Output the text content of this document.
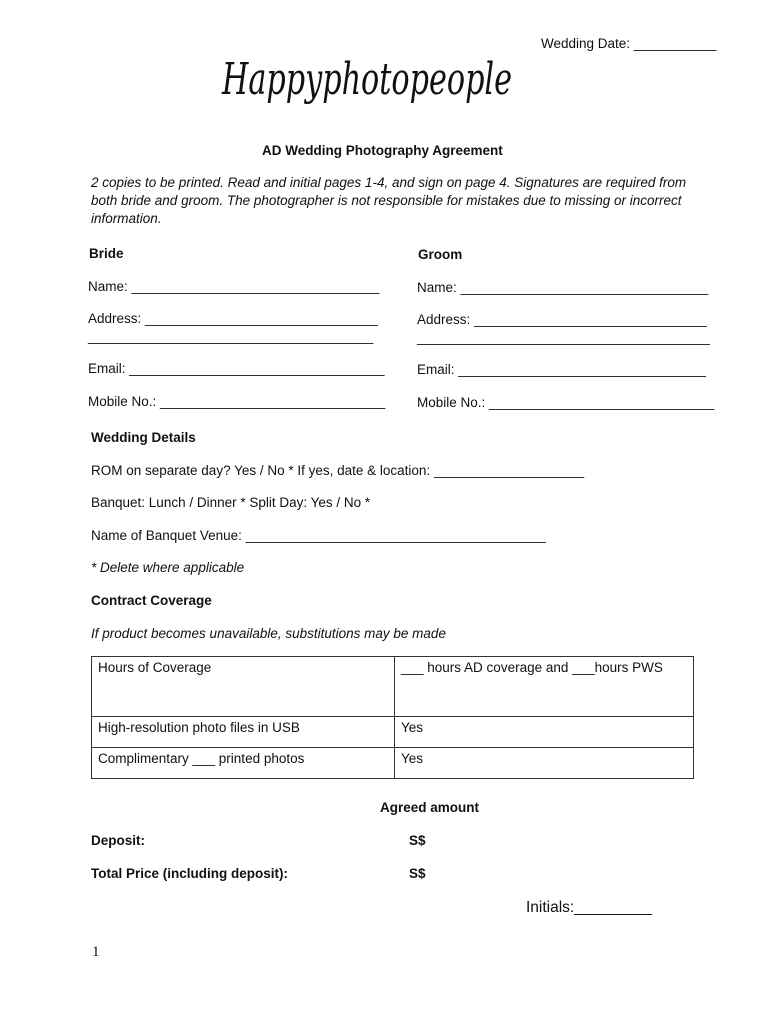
Wedding Date: ___________
Happyphotopeople
AD Wedding Photography Agreement
2 copies to be printed. Read and initial pages 1-4, and sign on page 4. Signatures are required from both bride and groom. The photographer is not responsible for mistakes due to missing or incorrect information.
Bride
Name: _________________________________
Address: _______________________________
______________________________________
Email: __________________________________
Mobile No.: ______________________________
Groom
Name: _________________________________
Address: _______________________________
_______________________________________
Email: _________________________________
Mobile No.: ______________________________
Wedding Details
ROM on separate day? Yes / No * If yes, date & location: ____________________
Banquet: Lunch / Dinner * Split Day: Yes / No *
Name of Banquet Venue: ________________________________________
* Delete where applicable
Contract Coverage
If product becomes unavailable, substitutions may be made
Hours of Coverage	___ hours AD coverage and ___hours PWS
High-resolution photo files in USB	Yes
Complimentary ___ printed photos	Yes
Agreed amount
Deposit:	S$
Total Price (including deposit):	S$
Initials:_________
1
